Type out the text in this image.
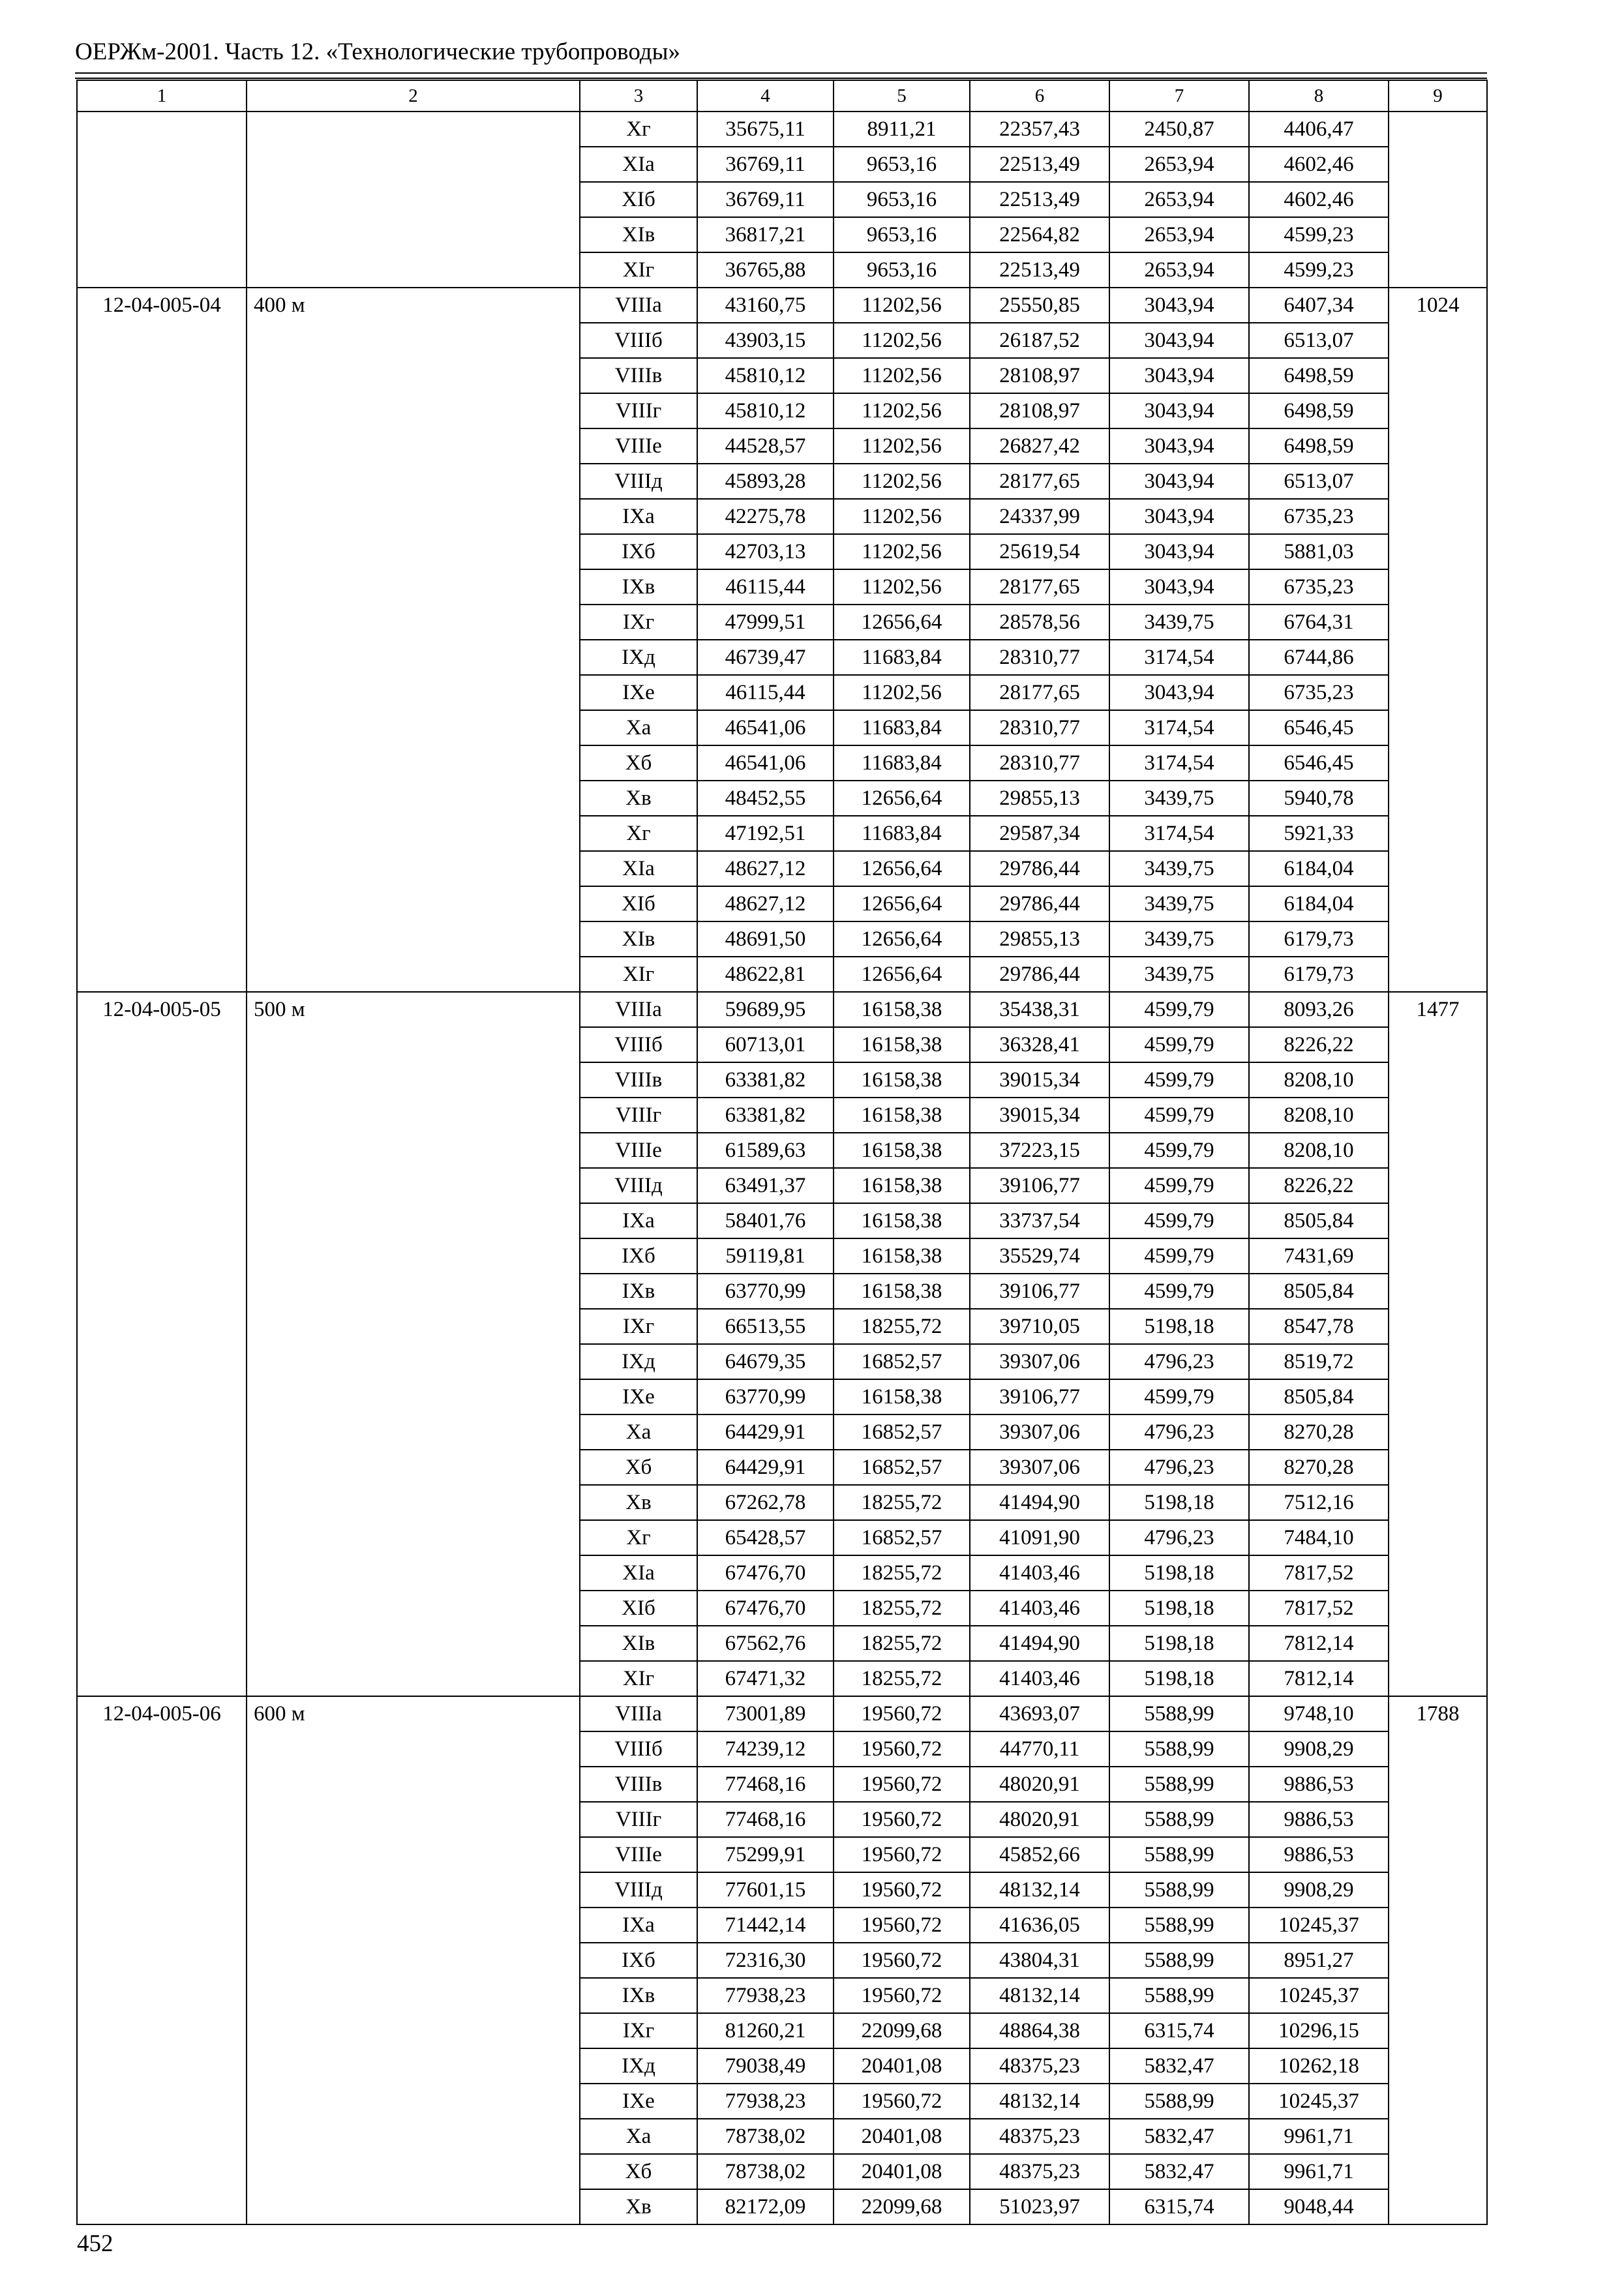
ОЕРЖм-2001. Часть 12. «Технологические трубопроводы»
1	2	3	4	5	6	7	8	9
		Хг	35675,11	8911,21	22357,43	2450,87	4406,47	
		ХIа	36769,11	9653,16	22513,49	2653,94	4602,46	
		ХIб	36769,11	9653,16	22513,49	2653,94	4602,46	
		ХIв	36817,21	9653,16	22564,82	2653,94	4599,23	
		ХIг	36765,88	9653,16	22513,49	2653,94	4599,23	
12-04-005-04	400 м	VIIIа	43160,75	11202,56	25550,85	3043,94	6407,34	1024
		VIIIб	43903,15	11202,56	26187,52	3043,94	6513,07	
		VIIIв	45810,12	11202,56	28108,97	3043,94	6498,59	
		VIIIг	45810,12	11202,56	28108,97	3043,94	6498,59	
		VIIIе	44528,57	11202,56	26827,42	3043,94	6498,59	
		VIIIд	45893,28	11202,56	28177,65	3043,94	6513,07	
		IХа	42275,78	11202,56	24337,99	3043,94	6735,23	
		IХб	42703,13	11202,56	25619,54	3043,94	5881,03	
		IХв	46115,44	11202,56	28177,65	3043,94	6735,23	
		IХг	47999,51	12656,64	28578,56	3439,75	6764,31	
		IХд	46739,47	11683,84	28310,77	3174,54	6744,86	
		IХе	46115,44	11202,56	28177,65	3043,94	6735,23	
		Ха	46541,06	11683,84	28310,77	3174,54	6546,45	
		Хб	46541,06	11683,84	28310,77	3174,54	6546,45	
		Хв	48452,55	12656,64	29855,13	3439,75	5940,78	
		Хг	47192,51	11683,84	29587,34	3174,54	5921,33	
		ХIа	48627,12	12656,64	29786,44	3439,75	6184,04	
		ХIб	48627,12	12656,64	29786,44	3439,75	6184,04	
		ХIв	48691,50	12656,64	29855,13	3439,75	6179,73	
		ХIг	48622,81	12656,64	29786,44	3439,75	6179,73	
12-04-005-05	500 м	VIIIа	59689,95	16158,38	35438,31	4599,79	8093,26	1477
		VIIIб	60713,01	16158,38	36328,41	4599,79	8226,22	
		VIIIв	63381,82	16158,38	39015,34	4599,79	8208,10	
		VIIIг	63381,82	16158,38	39015,34	4599,79	8208,10	
		VIIIе	61589,63	16158,38	37223,15	4599,79	8208,10	
		VIIIд	63491,37	16158,38	39106,77	4599,79	8226,22	
		IХа	58401,76	16158,38	33737,54	4599,79	8505,84	
		IХб	59119,81	16158,38	35529,74	4599,79	7431,69	
		IХв	63770,99	16158,38	39106,77	4599,79	8505,84	
		IХг	66513,55	18255,72	39710,05	5198,18	8547,78	
		IХд	64679,35	16852,57	39307,06	4796,23	8519,72	
		IХе	63770,99	16158,38	39106,77	4599,79	8505,84	
		Ха	64429,91	16852,57	39307,06	4796,23	8270,28	
		Хб	64429,91	16852,57	39307,06	4796,23	8270,28	
		Хв	67262,78	18255,72	41494,90	5198,18	7512,16	
		Хг	65428,57	16852,57	41091,90	4796,23	7484,10	
		ХIа	67476,70	18255,72	41403,46	5198,18	7817,52	
		ХIб	67476,70	18255,72	41403,46	5198,18	7817,52	
		ХIв	67562,76	18255,72	41494,90	5198,18	7812,14	
		ХIг	67471,32	18255,72	41403,46	5198,18	7812,14	
12-04-005-06	600 м	VIIIа	73001,89	19560,72	43693,07	5588,99	9748,10	1788
		VIIIб	74239,12	19560,72	44770,11	5588,99	9908,29	
		VIIIв	77468,16	19560,72	48020,91	5588,99	9886,53	
		VIIIг	77468,16	19560,72	48020,91	5588,99	9886,53	
		VIIIе	75299,91	19560,72	45852,66	5588,99	9886,53	
		VIIIд	77601,15	19560,72	48132,14	5588,99	9908,29	
		IХа	71442,14	19560,72	41636,05	5588,99	10245,37	
		IХб	72316,30	19560,72	43804,31	5588,99	8951,27	
		IХв	77938,23	19560,72	48132,14	5588,99	10245,37	
		IХг	81260,21	22099,68	48864,38	6315,74	10296,15	
		IХд	79038,49	20401,08	48375,23	5832,47	10262,18	
		IХе	77938,23	19560,72	48132,14	5588,99	10245,37	
		Ха	78738,02	20401,08	48375,23	5832,47	9961,71	
		Хб	78738,02	20401,08	48375,23	5832,47	9961,71	
		Хв	82172,09	22099,68	51023,97	6315,74	9048,44	
452
